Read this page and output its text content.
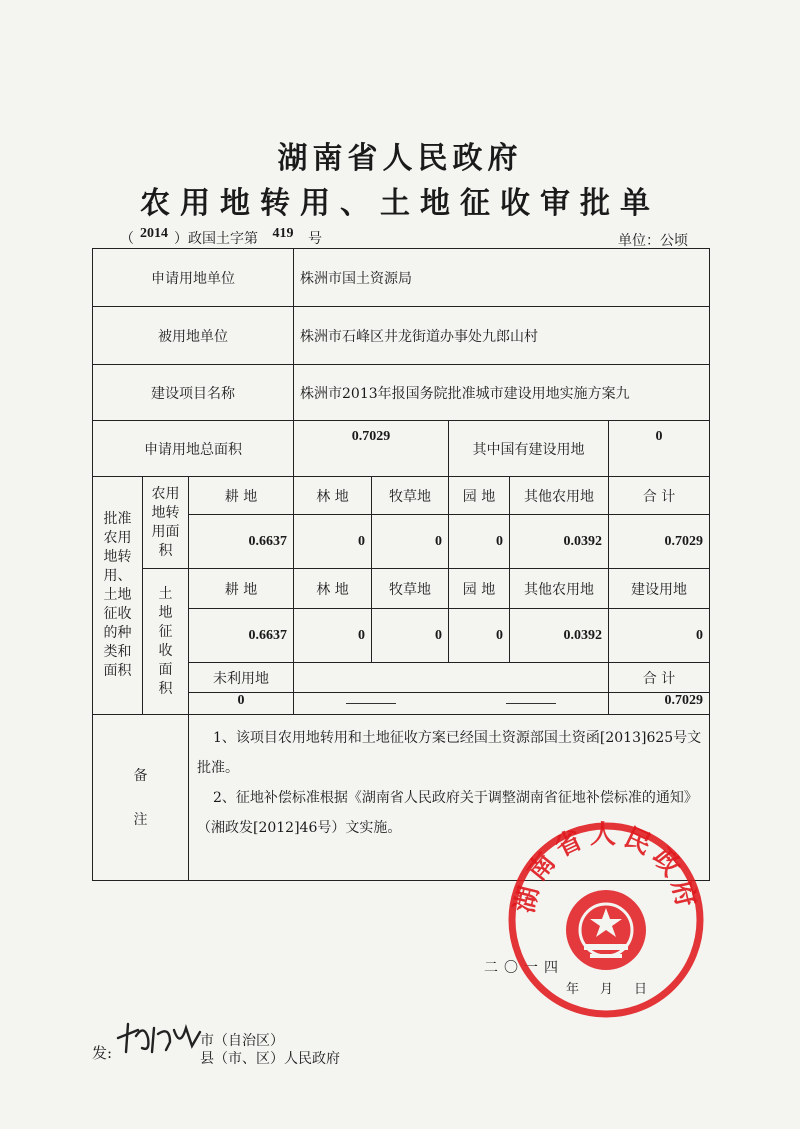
湖南省人民政府
农用地转用、土地征收审批单
（ 2014 ）政国土字第 419 号	单位：公顷
申请用地单位			株洲市国土资源局				
被用地单位			株洲市石峰区井龙街道办事处九郎山村				
建设项目名称			株洲市2013年报国务院批准城市建设用地实施方案九				
申请用地总面积			0.7029		其中国有建设用地		0

批准农用地转用、土地征收的种类和面积	农用地转用面积	耕 地	林 地	牧草地	园 地	其他农用地	合 计
		0.6637	0	0	0	0.0392	0.7029

	土地征收面积	耕 地	林 地	牧草地	园 地	其他农用地	建设用地
		0.6637	0	0	0	0.0392	0
		未利用地					合 计
		0					0.7029

备注		1、该项目农用地转用和土地征收方案已经国土资源部国土资函[2013]625号文批准。

2、征地补偿标准根据《湖南省人民政府关于调整湖南省征地补偿标准的通知》（湘政发[2012]46号）文实施。					

二〇一四
年　月　日
发:
市（自治区）
县（市、区）人民政府
湖南省人民政府
